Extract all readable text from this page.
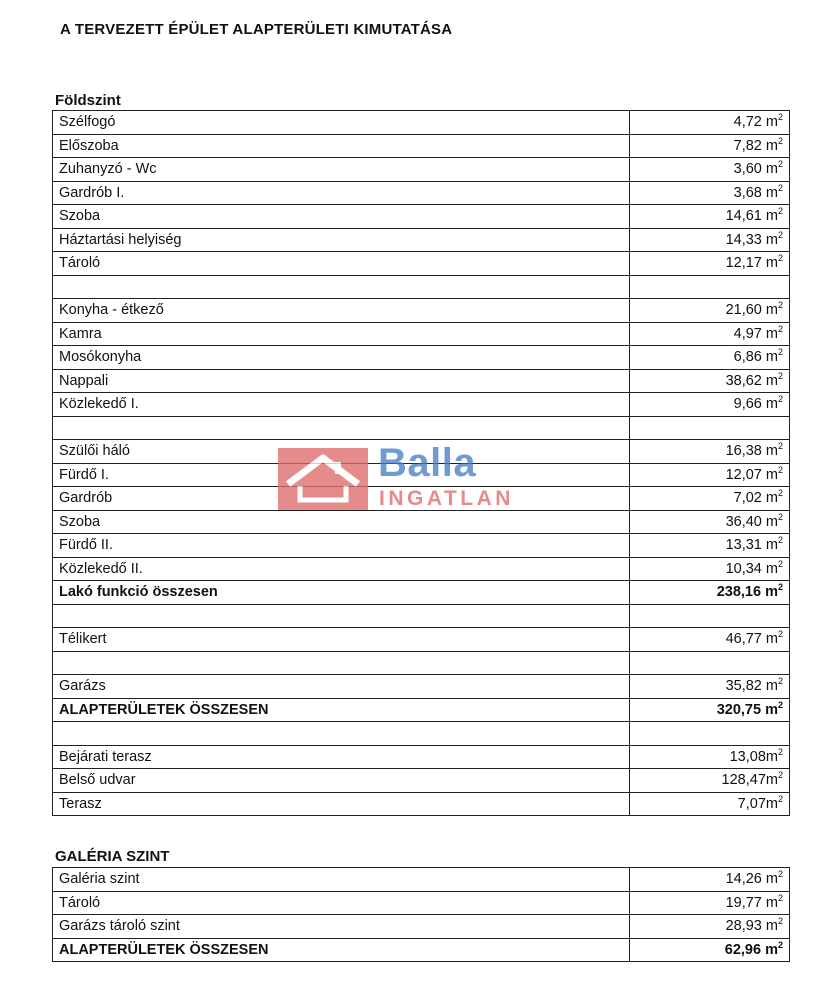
A TERVEZETT ÉPÜLET ALAPTERÜLETI KIMUTATÁSA
Földszint
Szélfogó	4,72 $m^2$
Előszoba	7,82 $m^2$
Zuhanyzó - Wc	3,60 $m^2$
Gardrób I.	3,68 $m^2$
Szoba	14,61 $m^2$
Háztartási helyiség	14,33 $m^2$
Tároló	12,17 $m^2$

Konyha - étkező	21,60 $m^2$
Kamra	4,97 $m^2$
Mosókonyha	6,86 $m^2$
Nappali	38,62 $m^2$
Közlekedő I.	9,66 $m^2$

Szülői háló	16,38 $m^2$
Fürdő I.	12,07 $m^2$
Gardrób	7,02 $m^2$
Szoba	36,40 $m^2$
Fürdő II.	13,31 $m^2$
Közlekedő II.	10,34 $m^2$
Lakó funkció összesen	238,16 $m^2$

Télikert	46,77 $m^2$

Garázs	35,82 $m^2$
ALAPTERÜLETEK ÖSSZESEN	320,75 $m^2$

Bejárati terasz	$13,08m^2$
Belső udvar	$128,47m^2$
Terasz	$7,07m^2$
GALÉRIA SZINT
Galéria szint	14,26 $m^2$
Tároló	19,77 $m^2$
Garázs tároló szint	28,93 $m^2$
ALAPTERÜLETEK ÖSSZESEN	62,96 $m^2$
Balla
INGATLAN
